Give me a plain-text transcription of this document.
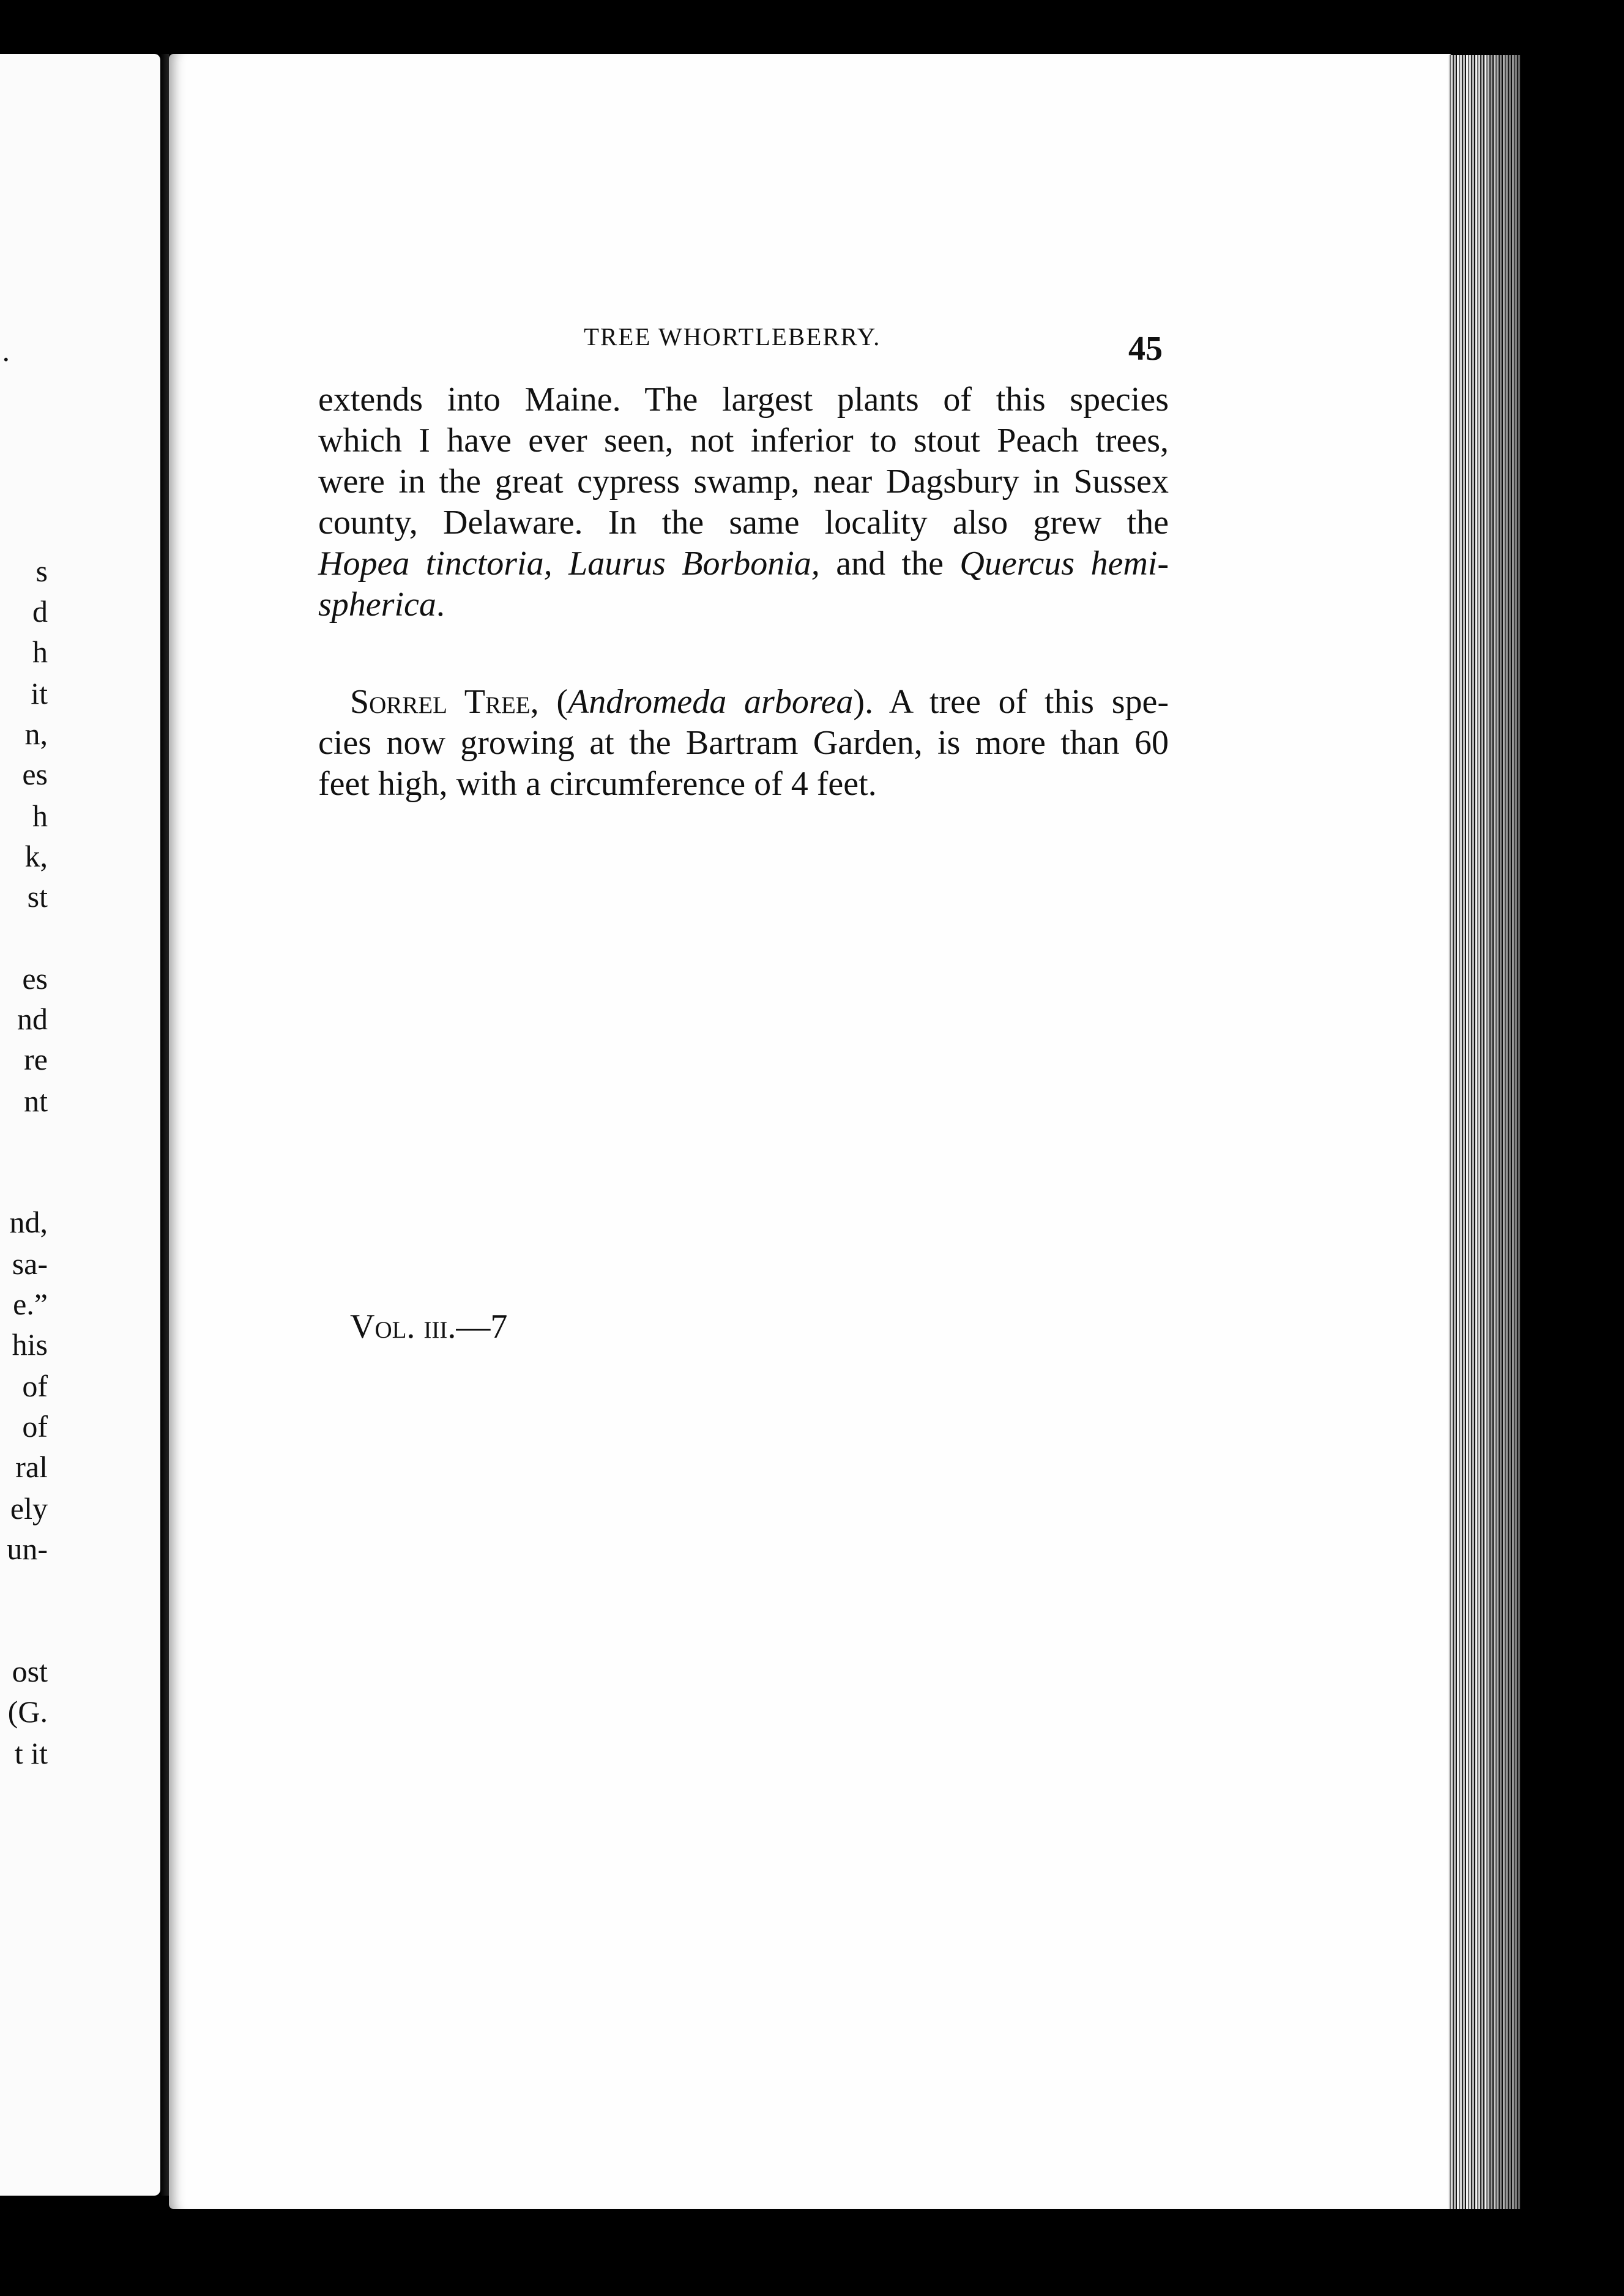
.
s
d
h
it
n,
es
h
k,
st
es
nd
re
nt
nd,
sa-
e.”
his
of
of
ral
ely
un-
ost
(G.
t it
TREE WHORTLEBERRY.	45
extends into Maine. The largest plants of this species
which I have ever seen, not inferior to stout Peach trees,
were in the great cypress swamp, near Dagsbury in Sussex
county, Delaware. In the same locality also grew the
Hopea tinctoria, Laurus Borbonia, and the Quercus hemi-
spherica.
Sorrel Tree, (Andromeda arborea). A tree of this spe-
cies now growing at the Bartram Garden, is more than 60
feet high, with a circumference of 4 feet.
Vol. iii.—7
